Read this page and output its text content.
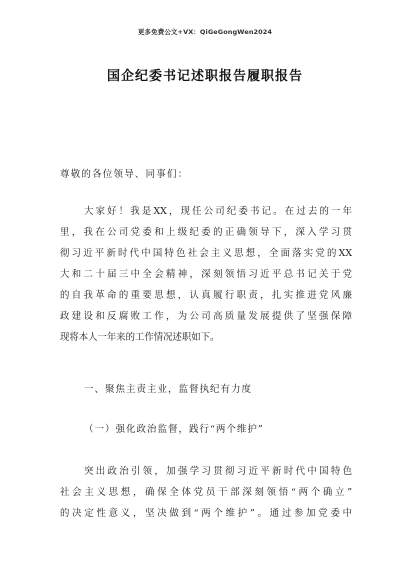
更多免费公文+VX：QiGeGongWen2024
国企纪委书记述职报告履职报告
尊敬的各位领导、同事们：
大家好！我是XX，现任公司纪委书记。在过去的一年
里，我在公司党委和上级纪委的正确领导下，深入学习贯
彻习近平新时代中国特色社会主义思想，全面落实党的XX
大和二十届三中全会精神，深刻领悟习近平总书记关于党
的自我革命的重要思想，认真履行职责，扎实推进党风廉
政建设和反腐败工作，为公司高质量发展提供了坚强保障
现将本人一年来的工作情况述职如下。
一、聚焦主责主业，监督执纪有力度
（一）强化政治监督，践行“两个维护”
突出政治引领，加强学习贯彻习近平新时代中国特色
社会主义思想，确保全体党员干部深刻领悟“两个确立”
的决定性意义，坚决做到“两个维护”。通过参加党委中
